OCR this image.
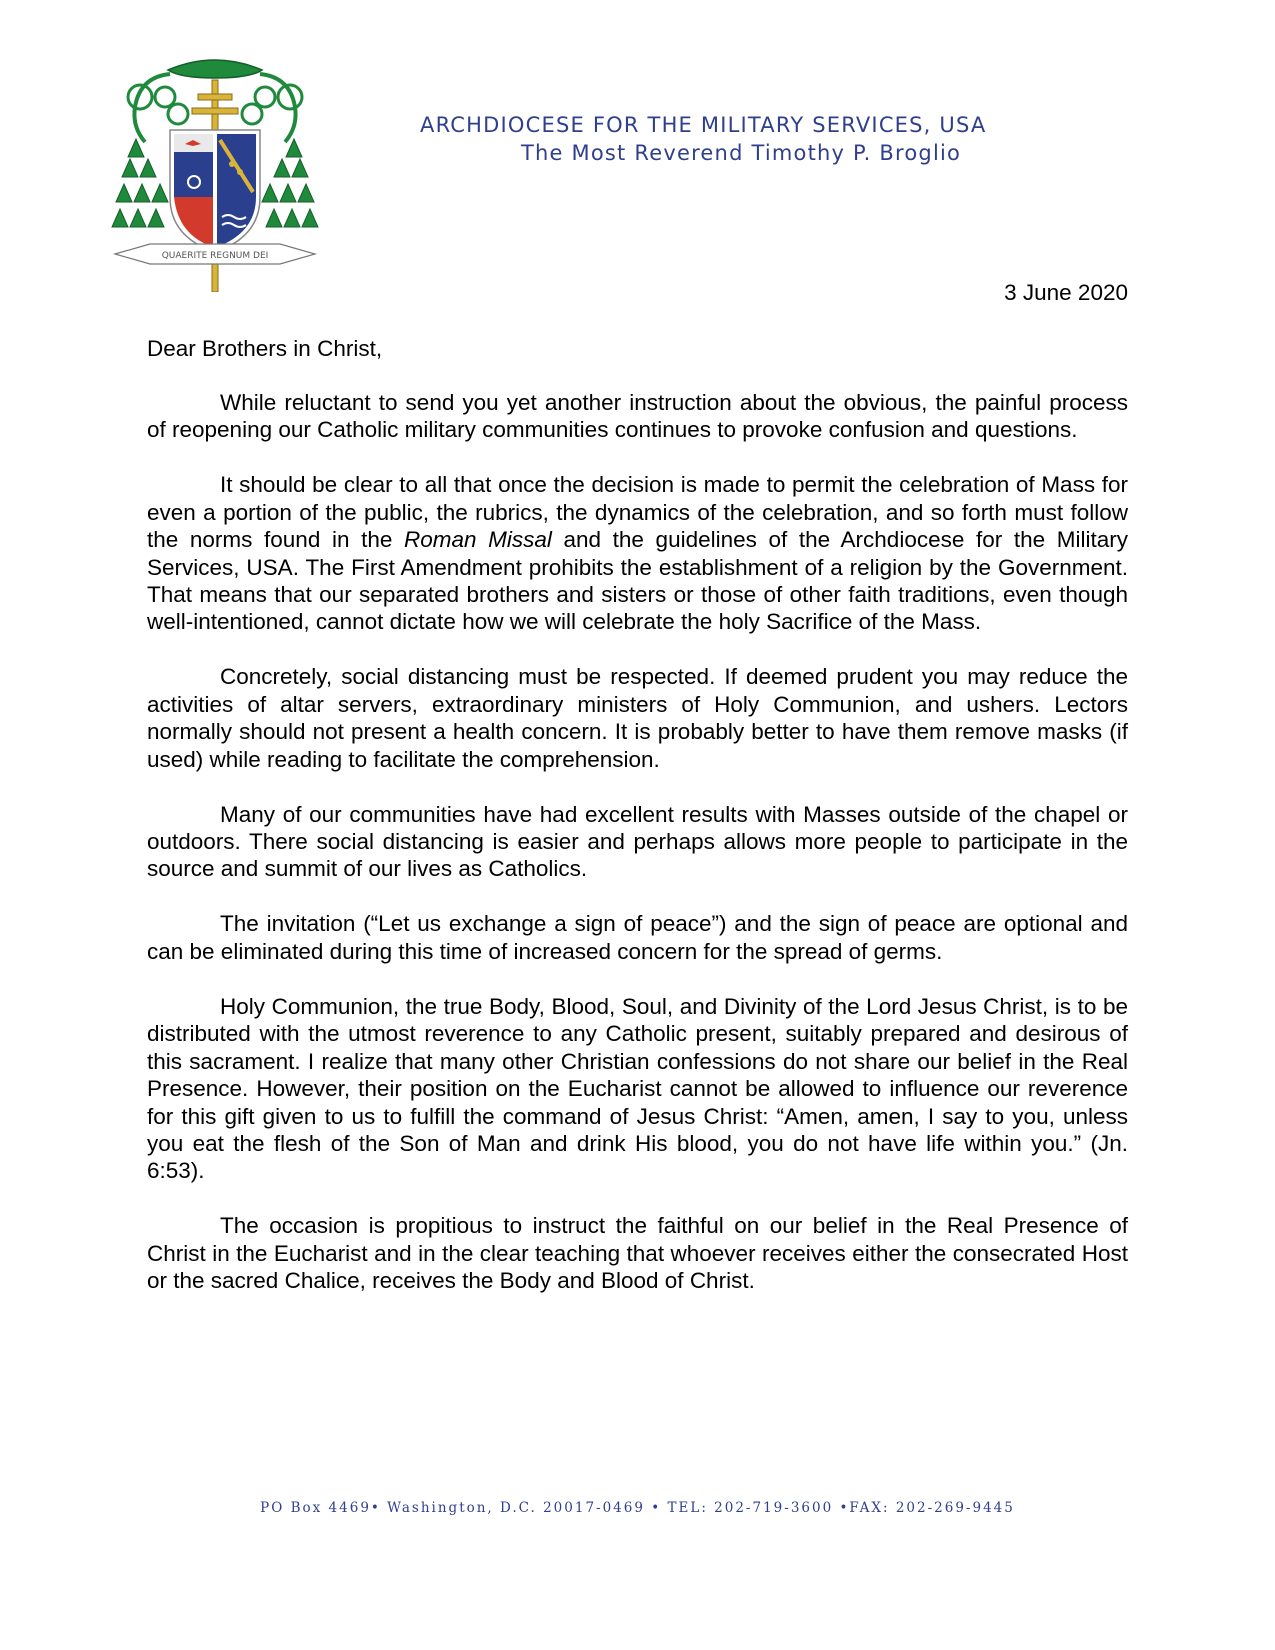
QUAERITE REGNUM DEI
ARCHDIOCESE FOR THE MILITARY SERVICES, USA
The Most Reverend Timothy P. Broglio
3 June 2020
Dear Brothers in Christ,

While reluctant to send you yet another instruction about the obvious, the painful process of reopening our Catholic military communities continues to provoke confusion and questions.

It should be clear to all that once the decision is made to permit the celebration of Mass for even a portion of the public, the rubrics, the dynamics of the celebration, and so forth must follow the norms found in the Roman Missal and the guidelines of the Archdiocese for the Military Services, USA. The First Amendment prohibits the establishment of a religion by the Government. That means that our separated brothers and sisters or those of other faith traditions, even though well-intentioned, cannot dictate how we will celebrate the holy Sacrifice of the Mass.

Concretely, social distancing must be respected. If deemed prudent you may reduce the activities of altar servers, extraordinary ministers of Holy Communion, and ushers. Lectors normally should not present a health concern. It is probably better to have them remove masks (if used) while reading to facilitate the comprehension.

Many of our communities have had excellent results with Masses outside of the chapel or outdoors. There social distancing is easier and perhaps allows more people to participate in the source and summit of our lives as Catholics.

The invitation (“Let us exchange a sign of peace”) and the sign of peace are optional and can be eliminated during this time of increased concern for the spread of germs.

Holy Communion, the true Body, Blood, Soul, and Divinity of the Lord Jesus Christ, is to be distributed with the utmost reverence to any Catholic present, suitably prepared and desirous of this sacrament. I realize that many other Christian confessions do not share our belief in the Real Presence. However, their position on the Eucharist cannot be allowed to influence our reverence for this gift given to us to fulfill the command of Jesus Christ: “Amen, amen, I say to you, unless you eat the flesh of the Son of Man and drink His blood, you do not have life within you.” (Jn. 6:53).

The occasion is propitious to instruct the faithful on our belief in the Real Presence of Christ in the Eucharist and in the clear teaching that whoever receives either the consecrated Host or the sacred Chalice, receives the Body and Blood of Christ.

PO Box 4469• Washington, D.C. 20017-0469 • TEL: 202-719-3600 •FAX: 202-269-9445
